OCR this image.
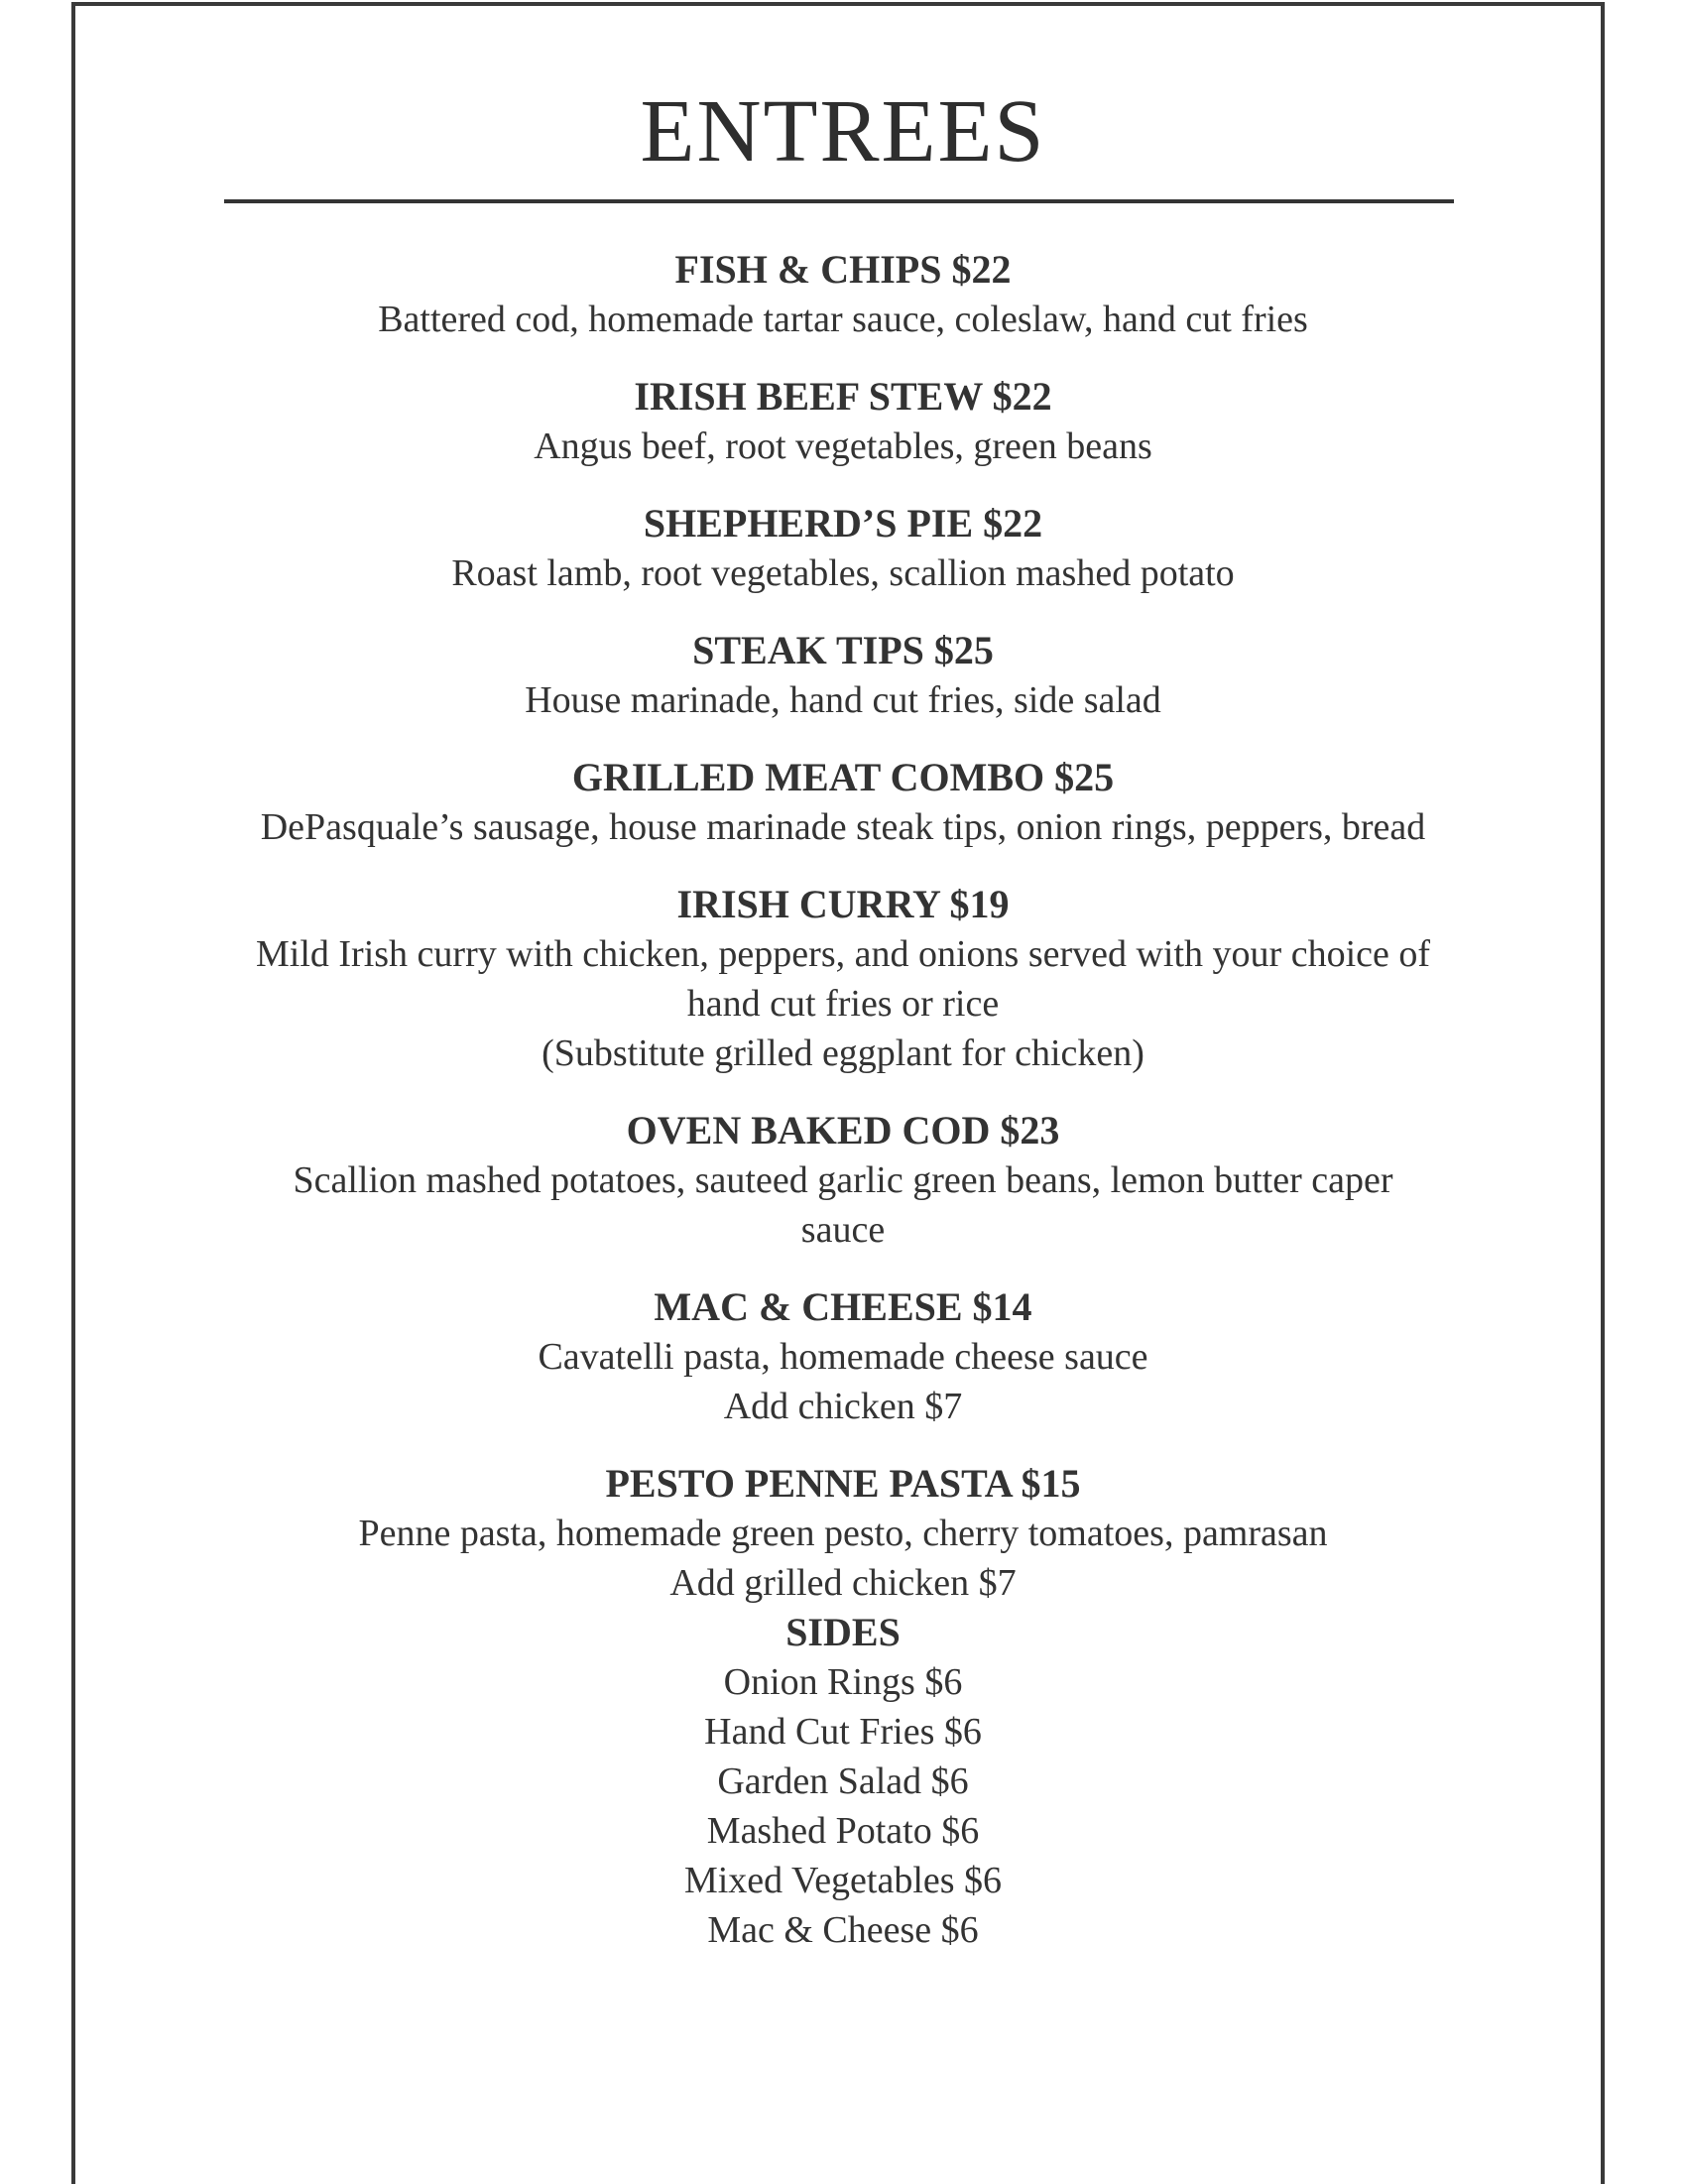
ENTREES
FISH & CHIPS $22
Battered cod, homemade tartar sauce, coleslaw, hand cut fries
IRISH BEEF STEW $22
Angus beef, root vegetables, green beans
SHEPHERD’S PIE $22
Roast lamb, root vegetables, scallion mashed potato
STEAK TIPS $25
House marinade, hand cut fries, side salad
GRILLED MEAT COMBO $25
DePasquale’s sausage, house marinade steak tips, onion rings, peppers, bread
IRISH CURRY $19
Mild Irish curry with chicken, peppers, and onions served with your choice of
hand cut fries or rice
(Substitute grilled eggplant for chicken)
OVEN BAKED COD $23
Scallion mashed potatoes, sauteed garlic green beans, lemon butter caper
sauce
MAC & CHEESE $14
Cavatelli pasta, homemade cheese sauce
Add chicken $7
PESTO PENNE PASTA $15
Penne pasta, homemade green pesto, cherry tomatoes, pamrasan
Add grilled chicken $7
SIDES
Onion Rings $6
Hand Cut Fries $6
Garden Salad $6
Mashed Potato $6
Mixed Vegetables $6
Mac & Cheese $6
